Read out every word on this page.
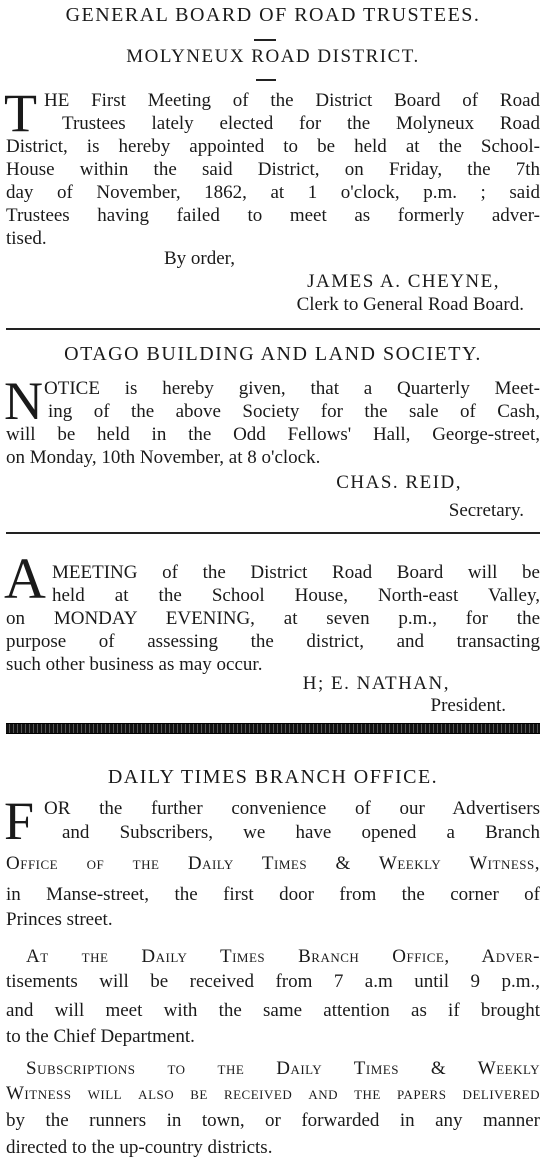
GENERAL BOARD OF ROAD TRUSTEES.
MOLYNEUX ROAD DISTRICT.
T HE First Meeting of the District Board of Road
Trustees lately elected for the Molyneux Road
District, is hereby appointed to be held at the School-
House within the said District, on Friday, the 7th
day of November, 1862, at 1 o'clock, p.m. ; said
Trustees having failed to meet as formerly adver-
tised.
By order,
JAMES A. CHEYNE,
Clerk to General Road Board.
OTAGO BUILDING AND LAND SOCIETY.
N OTICE is hereby given, that a Quarterly Meet-
ing of the above Society for the sale of Cash,
will be held in the Odd Fellows' Hall, George-street,
on Monday, 10th November, at 8 o'clock.
CHAS. REID,
Secretary.
A MEETING of the District Road Board will be
held at the School House, North-east Valley,
on MONDAY EVENING, at seven p.m., for the
purpose of assessing the district, and transacting
such other business as may occur.
H; E. NATHAN,
President.
DAILY TIMES BRANCH OFFICE.
F OR the further convenience of our Advertisers
and Subscribers, we have opened a Branch
Office of the Daily Times & Weekly Witness,
in Manse-street, the first door from the corner of
Princes street.
At the Daily Times Branch Office, Adver-
tisements will be received from 7 a.m until 9 p.m.,
and will meet with the same attention as if brought
to the Chief Department.
Subscriptions to the Daily Times & Weekly
Witness will also be received and the papers delivered
by the runners in town, or forwarded in any manner
directed to the up-country districts.
